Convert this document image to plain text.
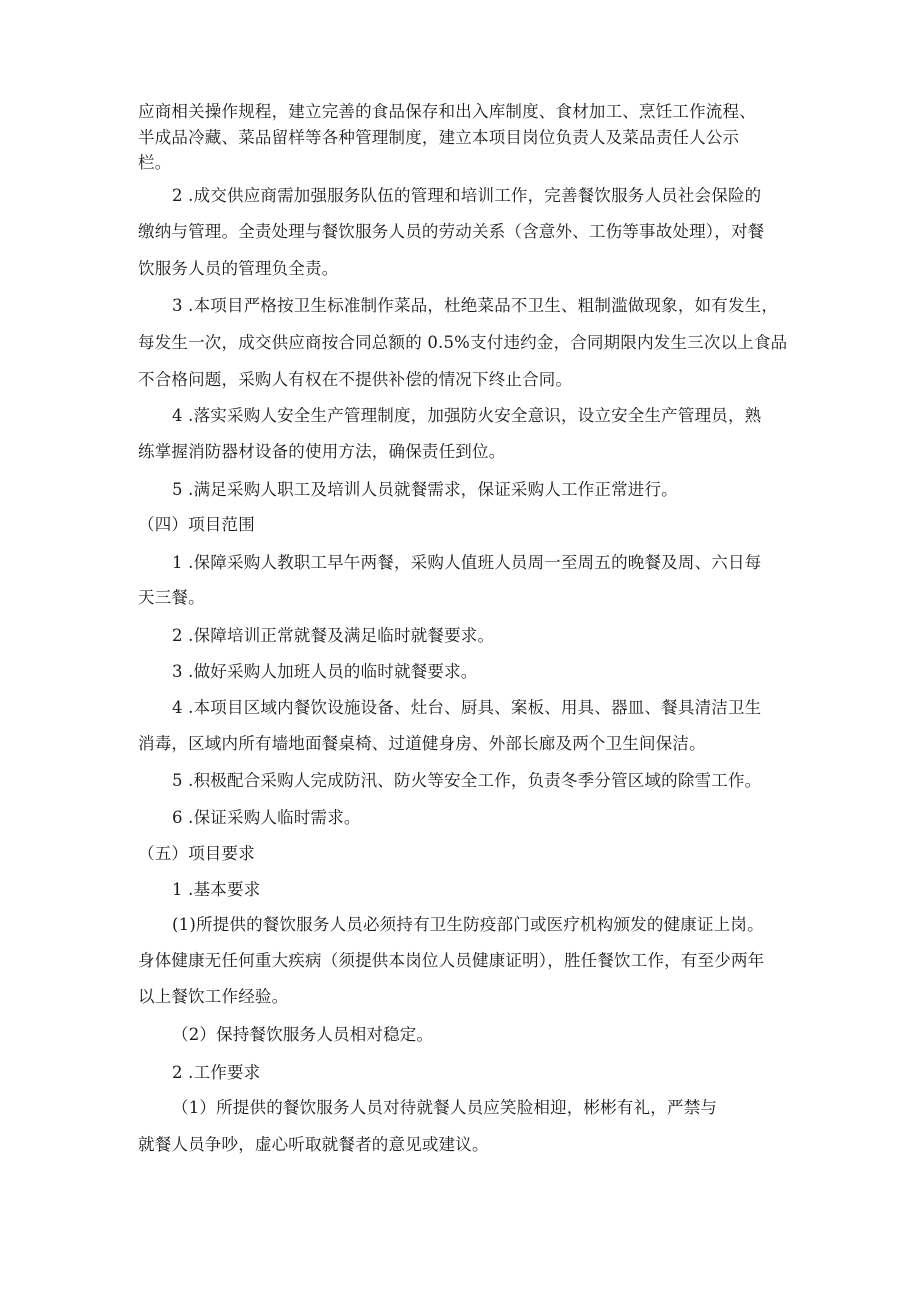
应商相关操作规程，建立完善的食品保存和出入库制度、食材加工、烹饪工作流程、
半成品冷藏、菜品留样等各种管理制度，建立本项目岗位负责人及菜品责任人公示
栏。
2 .成交供应商需加强服务队伍的管理和培训工作，完善餐饮服务人员社会保险的
缴纳与管理。全责处理与餐饮服务人员的劳动关系（含意外、工伤等事故处理），对餐
饮服务人员的管理负全责。
3 .本项目严格按卫生标准制作菜品，杜绝菜品不卫生、粗制滥做现象，如有发生，
每发生一次，成交供应商按合同总额的 0.5%支付违约金，合同期限内发生三次以上食品
不合格问题，采购人有权在不提供补偿的情况下终止合同。
4 .落实采购人安全生产管理制度，加强防火安全意识，设立安全生产管理员，熟
练掌握消防器材设备的使用方法，确保责任到位。
5 .满足采购人职工及培训人员就餐需求，保证采购人工作正常进行。
（四）项目范围
1 .保障采购人教职工早午两餐，采购人值班人员周一至周五的晚餐及周、六日每
天三餐。
2 .保障培训正常就餐及满足临时就餐要求。
3 .做好采购人加班人员的临时就餐要求。
4 .本项目区域内餐饮设施设备、灶台、厨具、案板、用具、器皿、餐具清洁卫生
消毒，区域内所有墙地面餐桌椅、过道健身房、外部长廊及两个卫生间保洁。
5 .积极配合采购人完成防汛、防火等安全工作，负责冬季分管区域的除雪工作。
6 .保证采购人临时需求。
（五）项目要求
1 .基本要求
(1)所提供的餐饮服务人员必须持有卫生防疫部门或医疗机构颁发的健康证上岗。
身体健康无任何重大疾病（须提供本岗位人员健康证明），胜任餐饮工作，有至少两年
以上餐饮工作经验。
（2）保持餐饮服务人员相对稳定。
2 .工作要求
（1）所提供的餐饮服务人员对待就餐人员应笑脸相迎，彬彬有礼，严禁与
就餐人员争吵，虚心听取就餐者的意见或建议。
